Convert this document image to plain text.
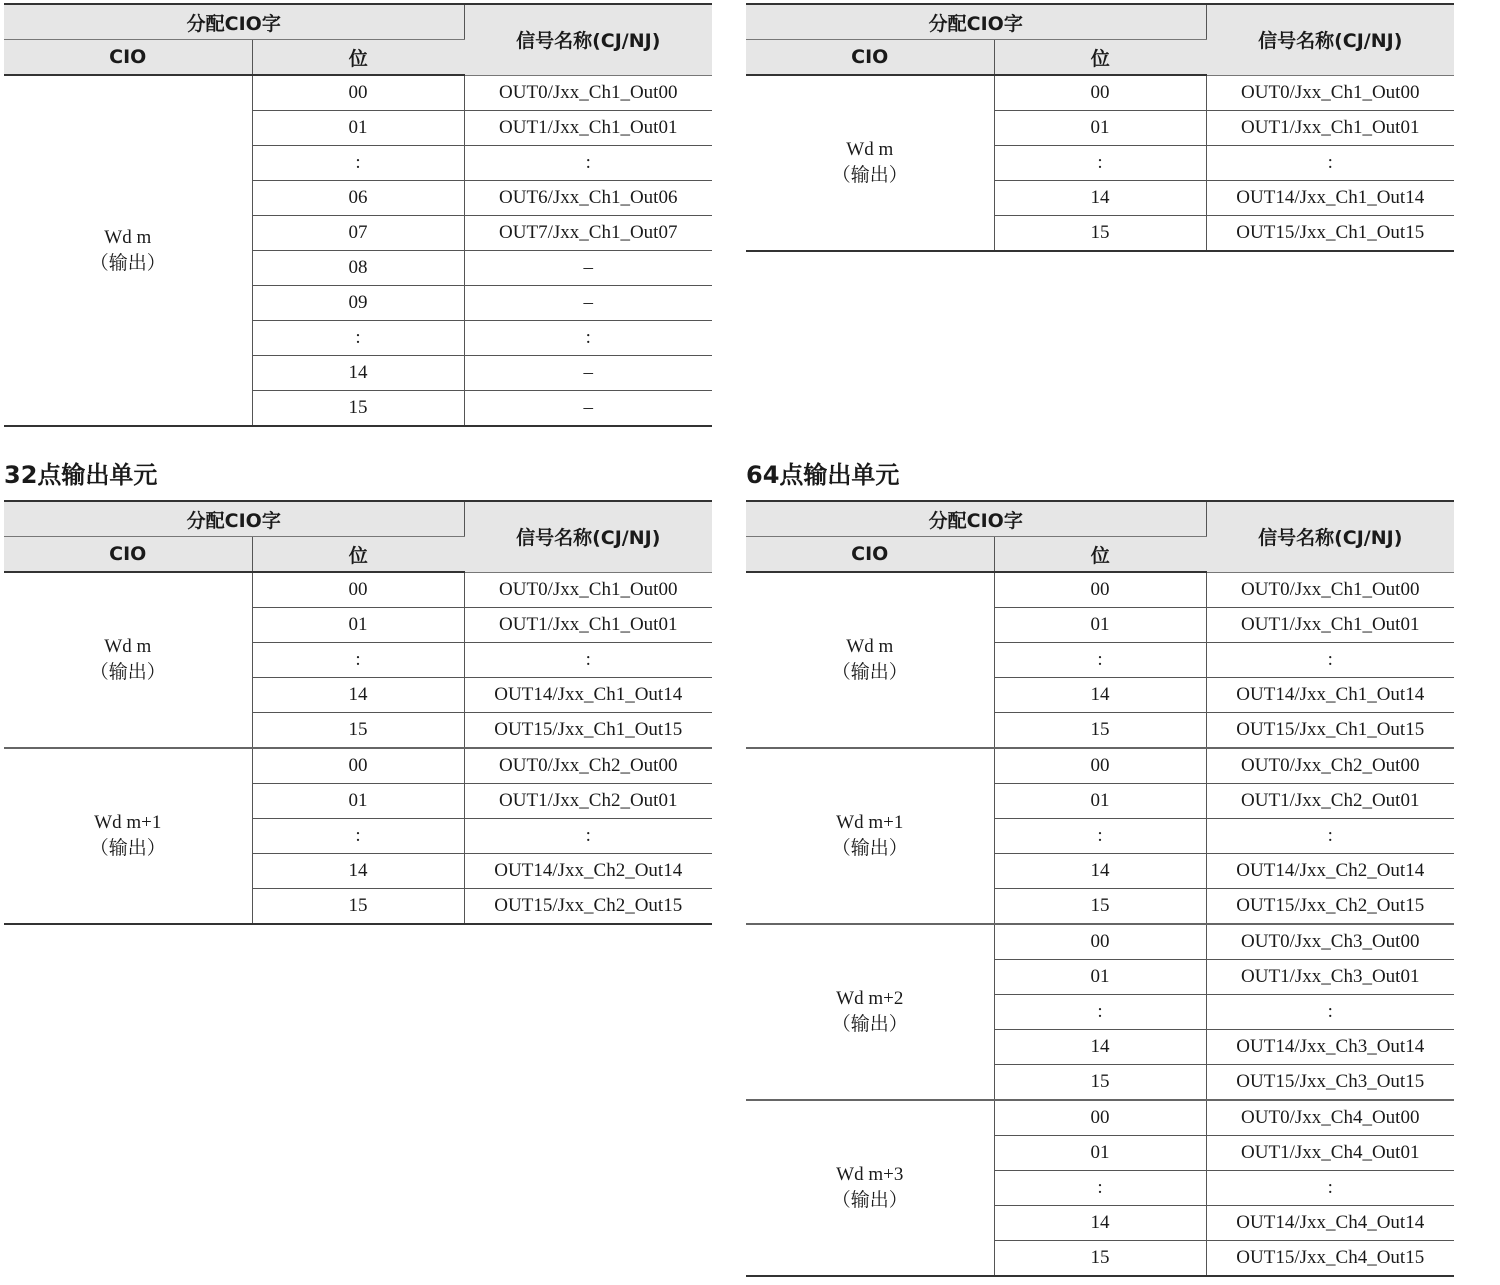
32点输出单元	64点输出单元
分配CIO字		信号名称(CJ/NJ)
CIO	位	

Wd m
（输出）	00	OUT0/Jxx_Ch1_Out00
	01	OUT1/Jxx_Ch1_Out01
	:	:
	06	OUT6/Jxx_Ch1_Out06
	07	OUT7/Jxx_Ch1_Out07
	08	–
	09	–
	:	:
	14	–
	15	–
分配CIO字		信号名称(CJ/NJ)
CIO	位	

Wd m
（输出）	00	OUT0/Jxx_Ch1_Out00
	01	OUT1/Jxx_Ch1_Out01
	:	:
	14	OUT14/Jxx_Ch1_Out14
	15	OUT15/Jxx_Ch1_Out15
分配CIO字		信号名称(CJ/NJ)
CIO	位	

Wd m
（输出）	00	OUT0/Jxx_Ch1_Out00
	01	OUT1/Jxx_Ch1_Out01
	:	:
	14	OUT14/Jxx_Ch1_Out14
	15	OUT15/Jxx_Ch1_Out15

Wd m+1
（输出）	00	OUT0/Jxx_Ch2_Out00
	01	OUT1/Jxx_Ch2_Out01
	:	:
	14	OUT14/Jxx_Ch2_Out14
	15	OUT15/Jxx_Ch2_Out15
分配CIO字		信号名称(CJ/NJ)
CIO	位	

Wd m
（输出）	00	OUT0/Jxx_Ch1_Out00
	01	OUT1/Jxx_Ch1_Out01
	:	:
	14	OUT14/Jxx_Ch1_Out14
	15	OUT15/Jxx_Ch1_Out15

Wd m+1
（输出）	00	OUT0/Jxx_Ch2_Out00
	01	OUT1/Jxx_Ch2_Out01
	:	:
	14	OUT14/Jxx_Ch2_Out14
	15	OUT15/Jxx_Ch2_Out15

Wd m+2
（输出）	00	OUT0/Jxx_Ch3_Out00
	01	OUT1/Jxx_Ch3_Out01
	:	:
	14	OUT14/Jxx_Ch3_Out14
	15	OUT15/Jxx_Ch3_Out15

Wd m+3
（输出）	00	OUT0/Jxx_Ch4_Out00
	01	OUT1/Jxx_Ch4_Out01
	:	:
	14	OUT14/Jxx_Ch4_Out14
	15	OUT15/Jxx_Ch4_Out15
